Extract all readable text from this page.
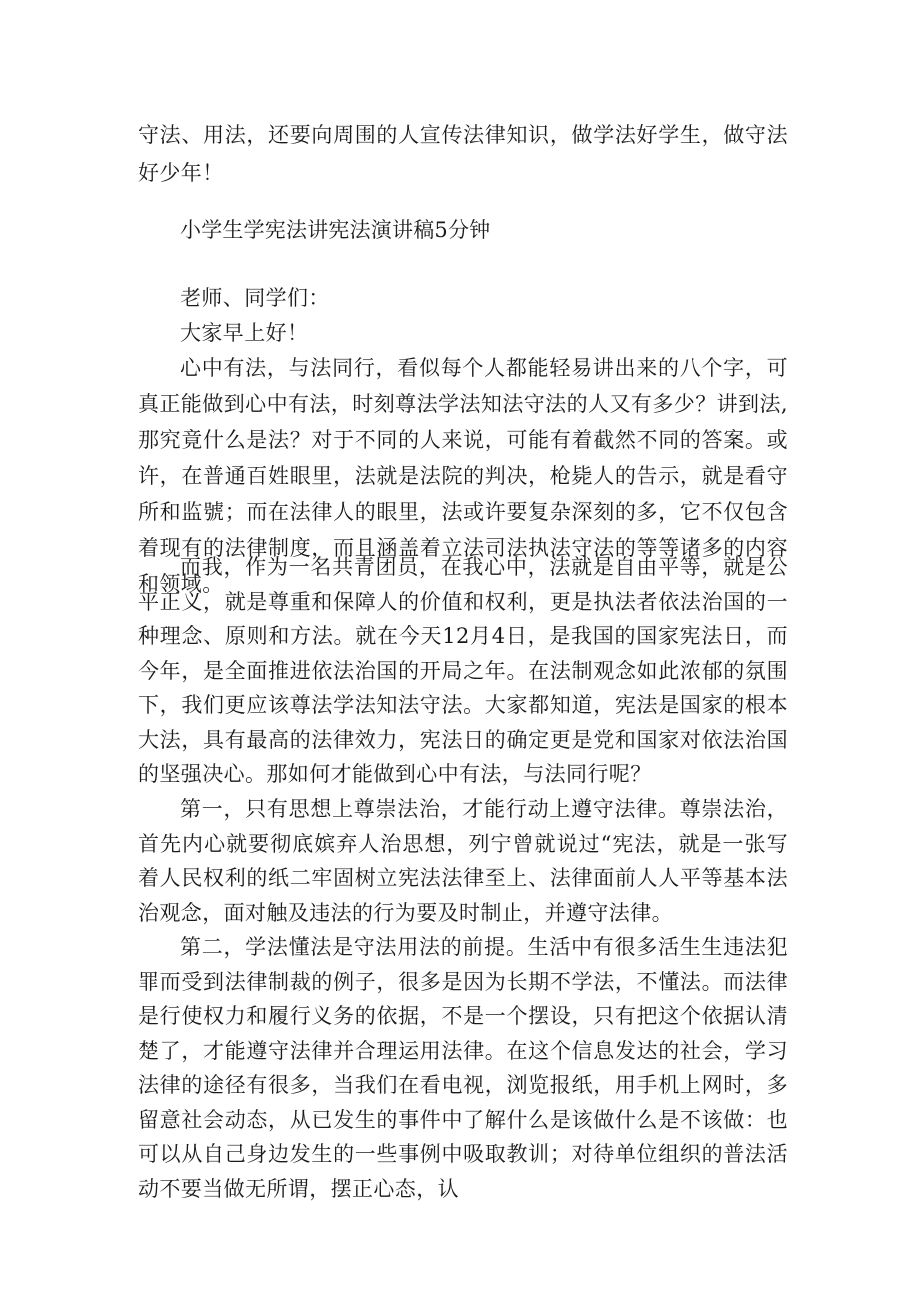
守法、用法，还要向周围的人宣传法律知识，做学法好学生，做守法好少年！

小学生学宪法讲宪法演讲稿5分钟

老师、同学们：

大家早上好！

心中有法，与法同行，看似每个人都能轻易讲出来的八个字，可真正能做到心中有法，时刻尊法学法知法守法的人又有多少？讲到法,那究竟什么是法？对于不同的人来说，可能有着截然不同的答案。或许，在普通百姓眼里，法就是法院的判决，枪毙人的告示，就是看守所和监號；而在法律人的眼里，法或许要复杂深刻的多，它不仅包含着现有的法律制度，而且涵盖着立法司法执法守法的等等诸多的内容和领域。

而我，作为一名共青团员，在我心中，法就是自由平等，就是公平正义，就是尊重和保障人的价值和权利，更是执法者依法治国的一种理念、原则和方法。就在今天12月4日，是我国的国家宪法日，而今年，是全面推进依法治国的开局之年。在法制观念如此浓郁的氛围下，我们更应该尊法学法知法守法。大家都知道，宪法是国家的根本大法，具有最高的法律效力，宪法日的确定更是党和国家对依法治国的坚强决心。那如何才能做到心中有法，与法同行呢？

第一，只有思想上尊崇法治，才能行动上遵守法律。尊崇法治，首先内心就要彻底嫔弃人治思想，列宁曾就说过“宪法，就是一张写着人民权利的纸二牢固树立宪法法律至上、法律面前人人平等基本法治观念，面对触及违法的行为要及时制止，并遵守法律。

第二，学法懂法是守法用法的前提。生活中有很多活生生违法犯罪而受到法律制裁的例子，很多是因为长期不学法，不懂法。而法律是行使权力和履行义务的依据，不是一个摆设，只有把这个依据认清楚了，才能遵守法律并合理运用法律。在这个信息发达的社会，学习法律的途径有很多，当我们在看电视，浏览报纸，用手机上网时，多留意社会动态，从已发生的事件中了解什么是该做什么是不该做：也可以从自己身边发生的一些事例中吸取教训；对待单位组织的普法活动不要当做无所谓，摆正心态，认
